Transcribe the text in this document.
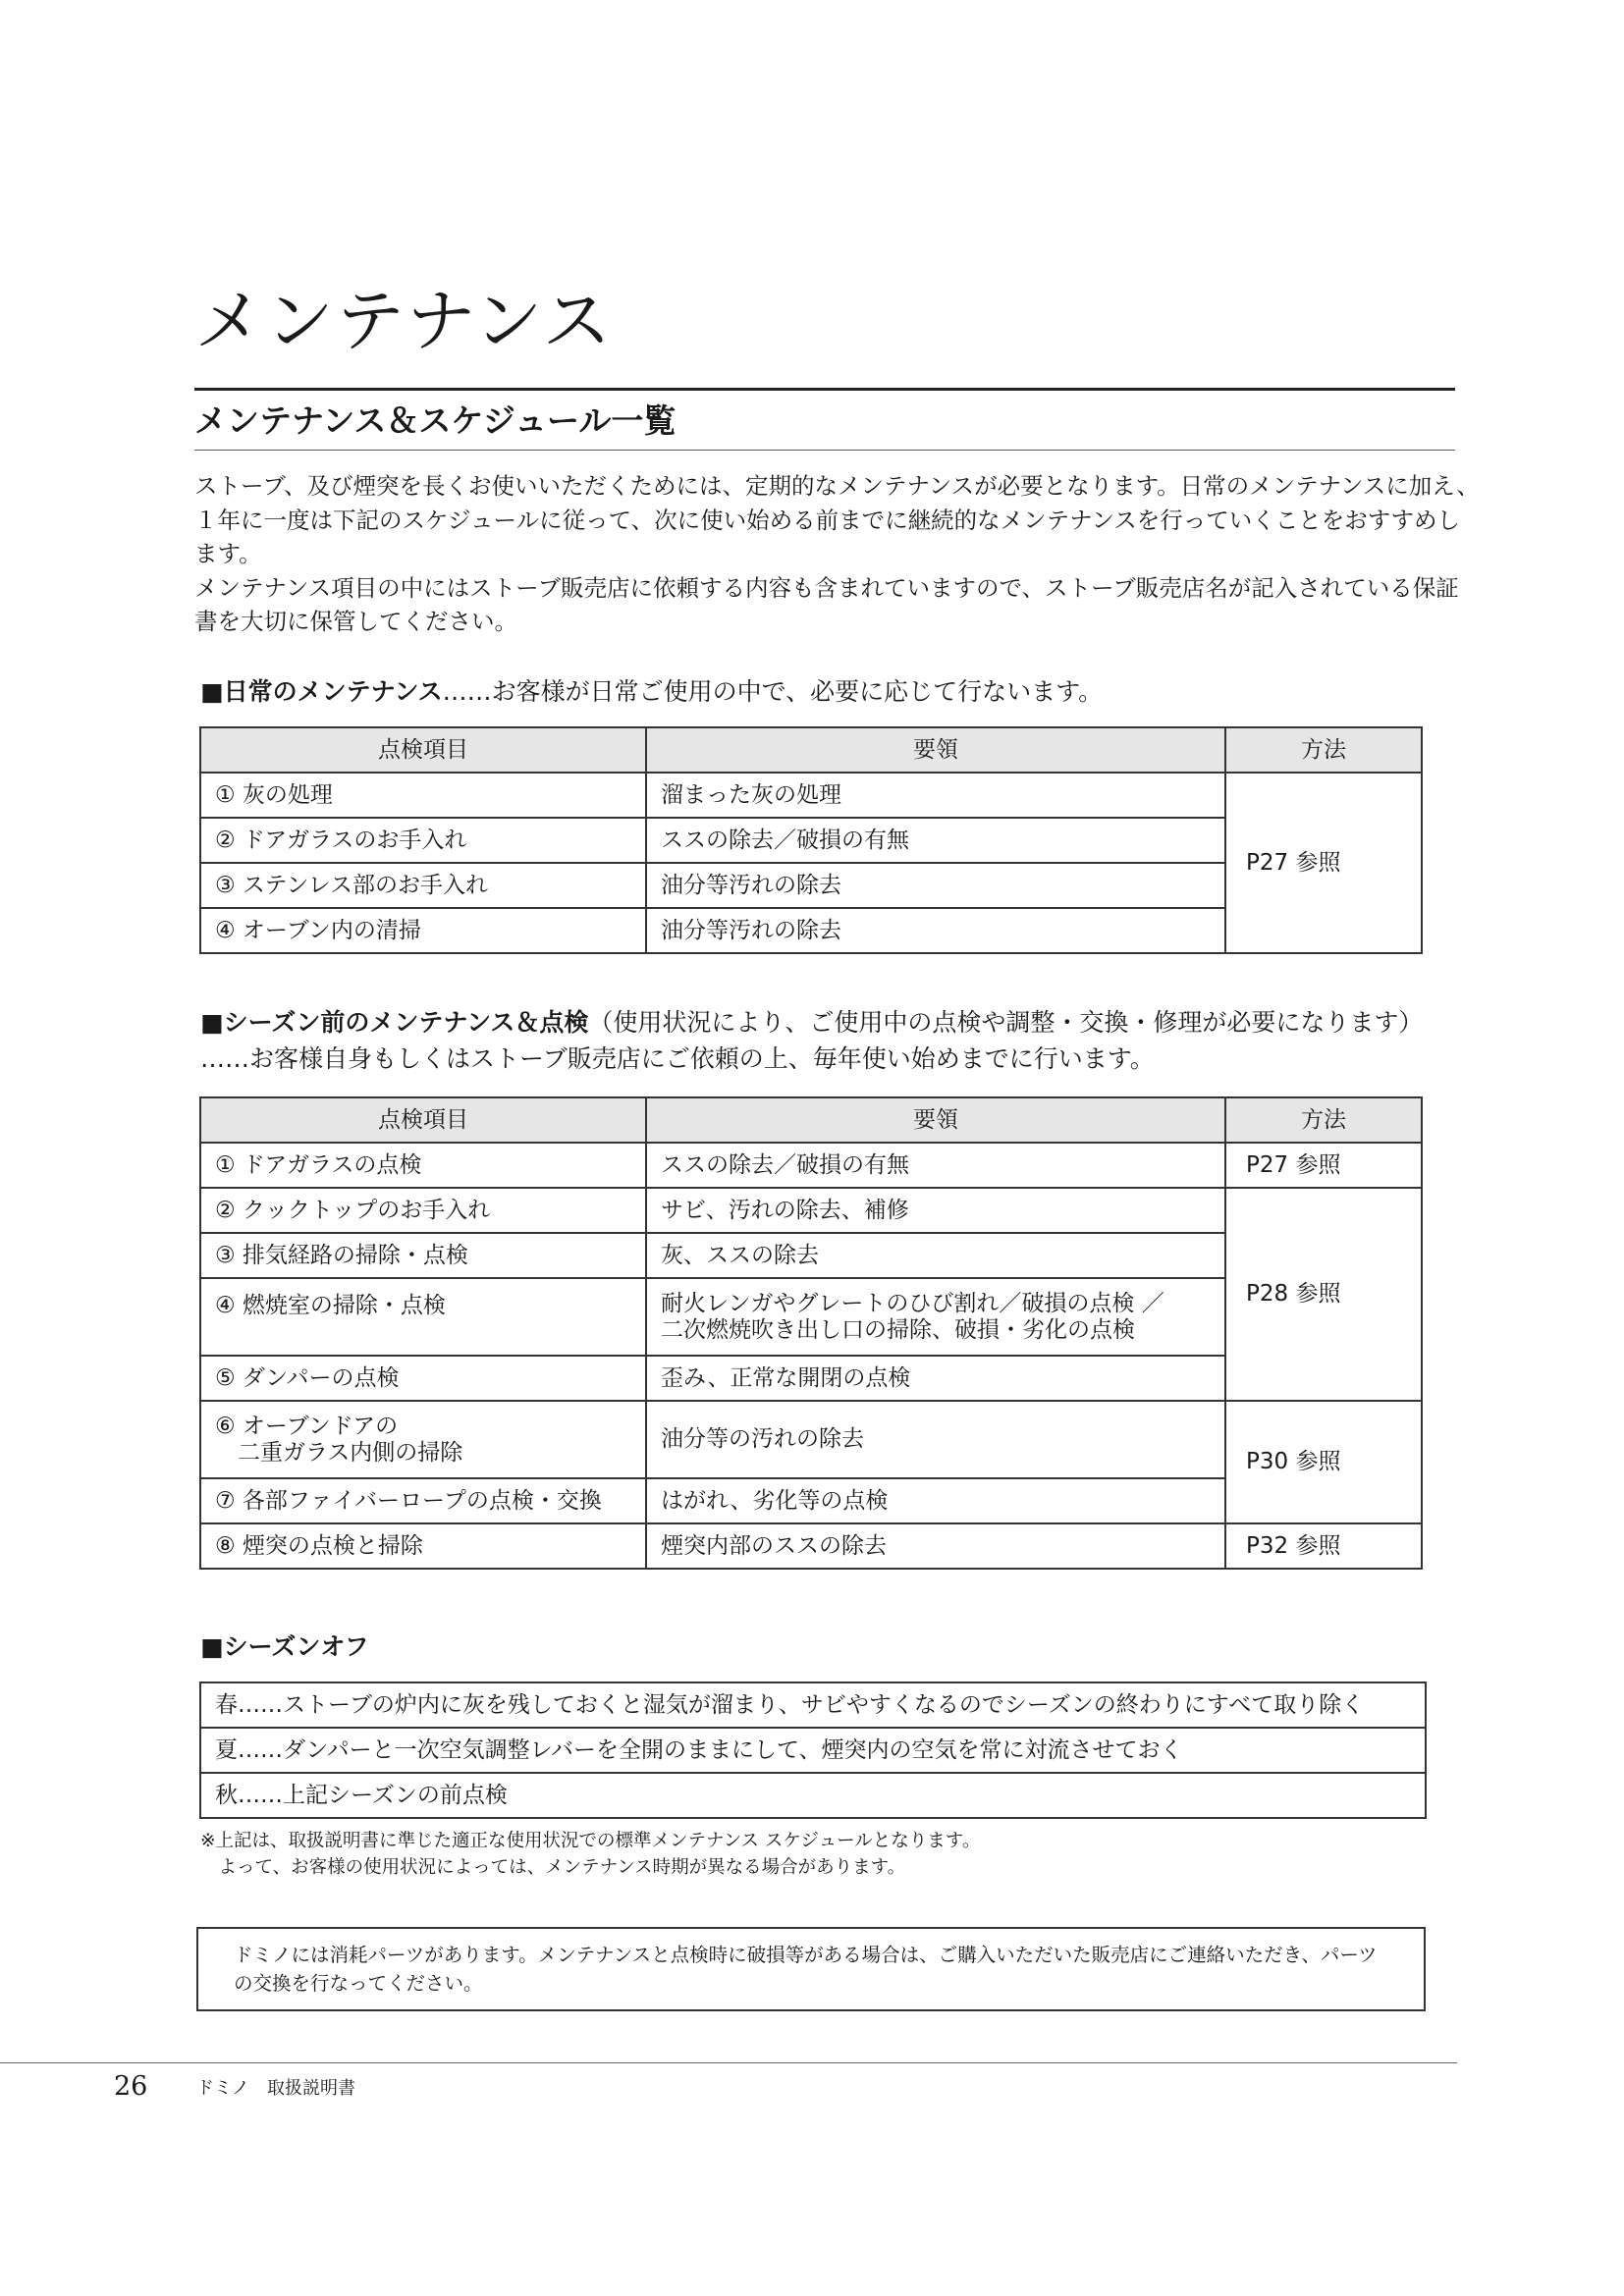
メンテナンス
メンテナンス＆スケジュール一覧

ストーブ、及び煙突を長くお使いいただくためには、定期的なメンテナンスが必要となります。日常のメンテナンスに加え、

１年に一度は下記のスケジュールに従って、次に使い始める前までに継続的なメンテナンスを行っていくことをおすすめし

ます。

メンテナンス項目の中にはストーブ販売店に依頼する内容も含まれていますので、ストーブ販売店名が記入されている保証

書を大切に保管してください。

■日常のメンテナンス……お客様が日常ご使用の中で、必要に応じて行ないます。
点検項目	要領	方法
① 灰の処理	溜まった灰の処理	P27 参照
② ドアガラスのお手入れ	ススの除去／破損の有無	
③ ステンレス部のお手入れ	油分等汚れの除去	
④ オーブン内の清掃	油分等汚れの除去	
■シーズン前のメンテナンス＆点検（使用状況により、ご使用中の点検や調整・交換・修理が必要になります）
……お客様自身もしくはストーブ販売店にご依頼の上、毎年使い始めまでに行います。
点検項目	要領	方法
① ドアガラスの点検	ススの除去／破損の有無	P27 参照
② クックトップのお手入れ	サビ、汚れの除去、補修	P28 参照
③ 排気経路の掃除・点検	灰、ススの除去	
④ 燃焼室の掃除・点検	耐火レンガやグレートのひび割れ／破損の点検 ／
二次燃焼吹き出し口の掃除、破損・劣化の点検	

⑤ ダンパーの点検	歪み、正常な開閉の点検	

⑥ オーブンドアの
　二重ガラス内側の掃除	油分等の汚れの除去	P30 参照
⑦ 各部ファイバーロープの点検・交換	はがれ、劣化等の点検	
⑧ 煙突の点検と掃除	煙突内部のススの除去	P32 参照
■シーズンオフ
春……ストーブの炉内に灰を残しておくと湿気が溜まり、サビやすくなるのでシーズンの終わりにすべて取り除く
夏……ダンパーと一次空気調整レバーを全開のままにして、煙突内の空気を常に対流させておく
秋……上記シーズンの前点検
※上記は、取扱説明書に準じた適正な使用状況での標準メンテナンス スケジュールとなります。
　よって、お客様の使用状況によっては、メンテナンス時期が異なる場合があります。
ドミノには消耗パーツがあります。メンテナンスと点検時に破損等がある場合は、ご購入いただいた販売店にご連絡いただき、パーツ
の交換を行なってください。
26	ドミノ　取扱説明書
